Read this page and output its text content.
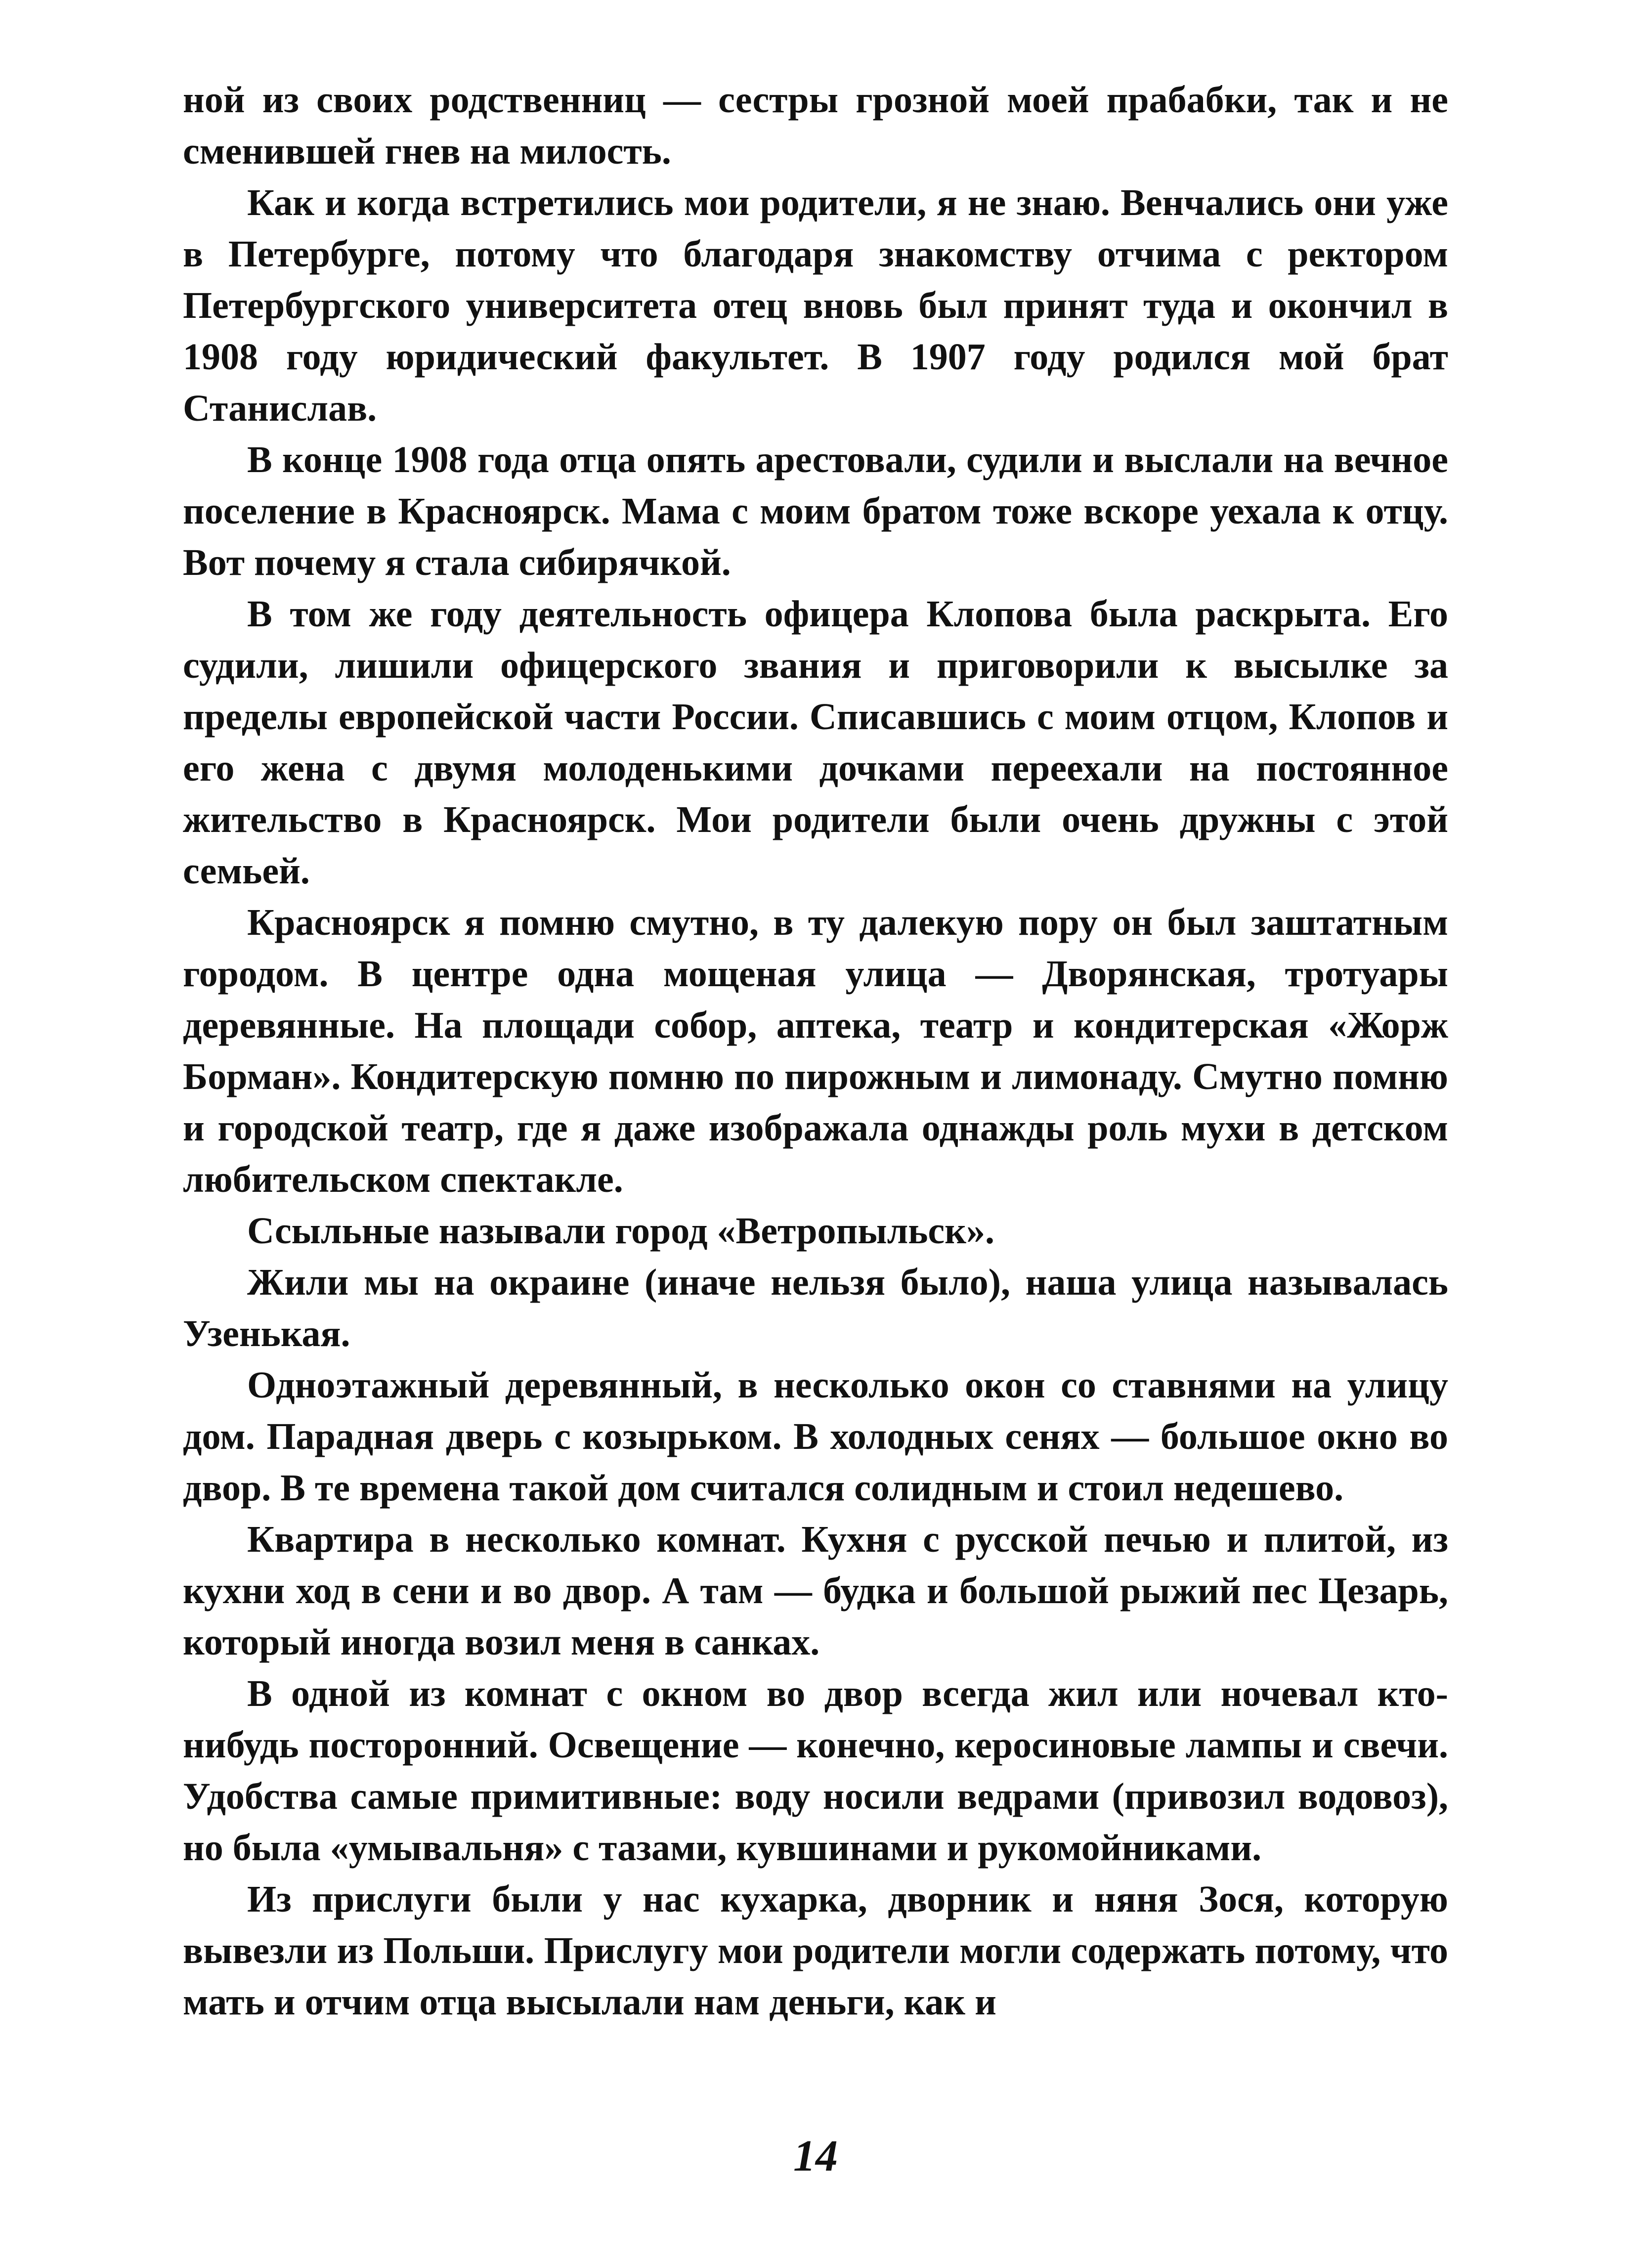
ной из своих родственниц — сестры грозной моей прабабки, так и не сменившей гнев на милость.

Как и когда встретились мои родители, я не знаю. Венчались они уже в Петербурге, потому что благодаря знакомству отчима с ректором Петербургского университета отец вновь был принят туда и окончил в 1908 году юридический факультет. В 1907 году родился мой брат Станислав.

В конце 1908 года отца опять арестовали, судили и выслали на вечное поселение в Красноярск. Мама с моим братом тоже вскоре уехала к отцу. Вот почему я стала сибирячкой.

В том же году деятельность офицера Клопова была раскрыта. Его судили, лишили офицерского звания и приговорили к высылке за пределы европейской части России. Списавшись с моим отцом, Клопов и его жена с двумя молоденькими дочками переехали на постоянное жительство в Красноярск. Мои родители были очень дружны с этой семьей.

Красноярск я помню смутно, в ту далекую пору он был заштатным городом. В центре одна мощеная улица — Дворянская, тротуары деревянные. На площади собор, аптека, театр и кондитерская «Жорж Борман». Кондитерскую помню по пирожным и лимонаду. Смутно помню и городской театр, где я даже изображала однажды роль мухи в детском любительском спектакле.

Ссыльные называли город «Ветропыльск».

Жили мы на окраине (иначе нельзя было), наша улица называлась Узенькая.

Одноэтажный деревянный, в несколько окон со ставнями на улицу дом. Парадная дверь с козырьком. В холодных сенях — большое окно во двор. В те времена такой дом считался солидным и стоил недешево.

Квартира в несколько комнат. Кухня с русской печью и плитой, из кухни ход в сени и во двор. А там — будка и большой рыжий пес Цезарь, который иногда возил меня в санках.

В одной из комнат с окном во двор всегда жил или ночевал кто-нибудь посторонний. Освещение — конечно, керосиновые лампы и свечи. Удобства самые примитивные: воду носили ведрами (привозил водовоз), но была «умывальня» с тазами, кувшинами и рукомойниками.

Из прислуги были у нас кухарка, дворник и няня Зося, которую вывезли из Польши. Прислугу мои родители могли содержать потому, что мать и отчим отца высылали нам деньги, как и

14
